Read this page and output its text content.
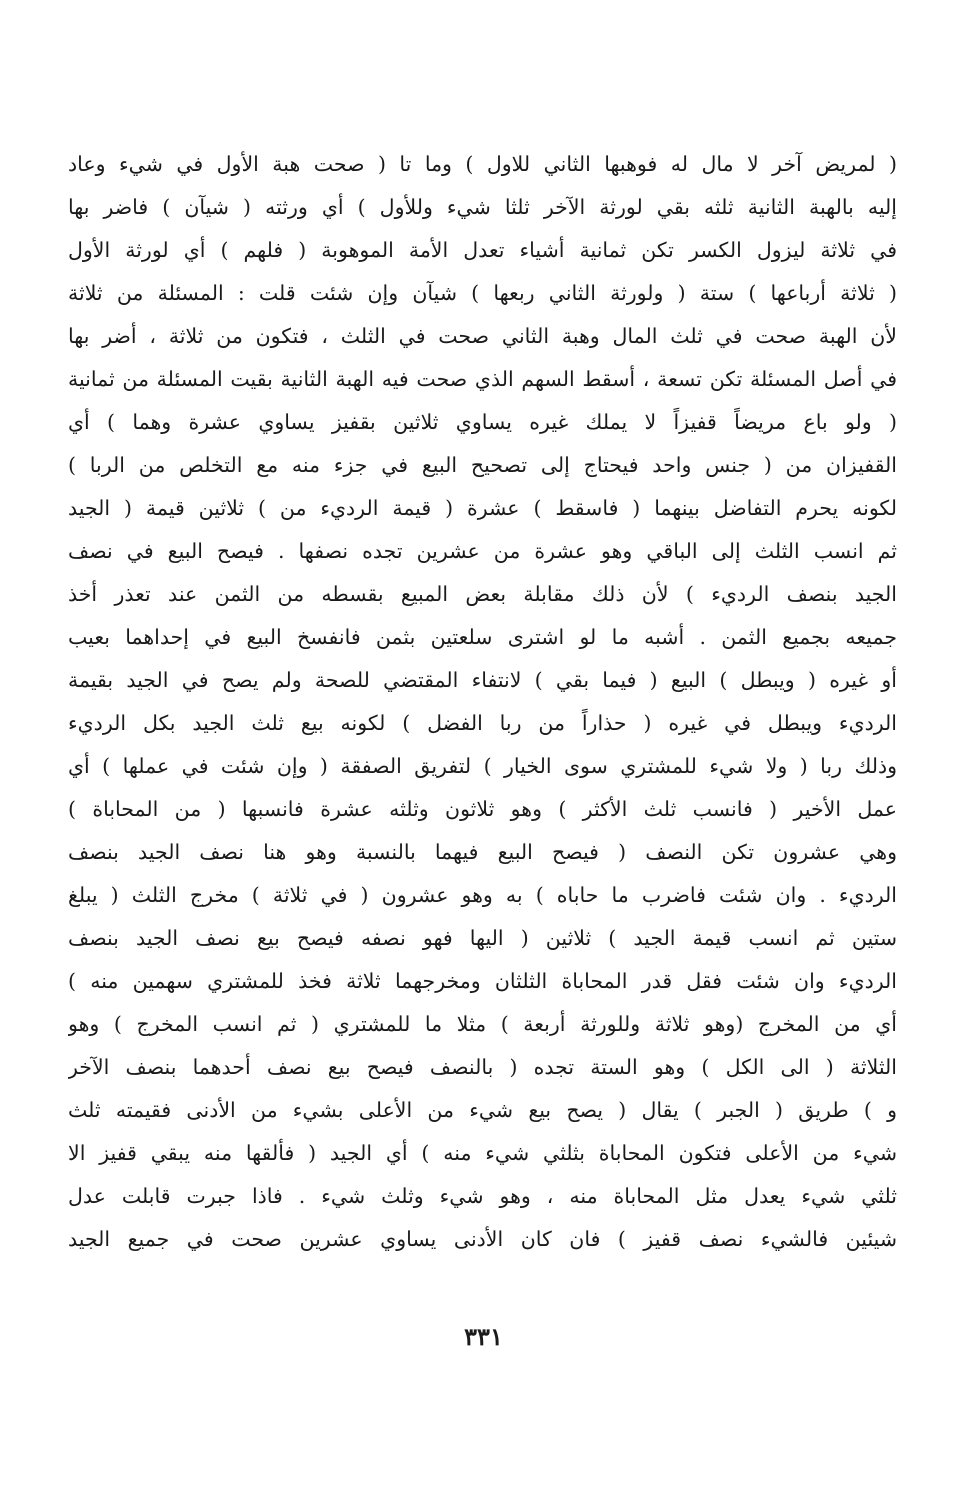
( لمريض آخر لا مال له فوهبها الثاني للاول ) وما تا ( صحت هبة الأول في شيء وعاد
إليه بالهبة الثانية ثلثه بقي لورثة الآخر ثلثا شيء وللأول ) أي ورثته ( شيآن ) فاضر بها
في ثلاثة ليزول الكسر تكن ثمانية أشياء تعدل الأمة الموهوبة ( فلهم ) أي لورثة الأول
( ثلاثة أرباعها ) ستة ( ولورثة الثاني ربعها ) شيآن وإن شئت قلت : المسئلة من ثلاثة
لأن الهبة صحت في ثلث المال وهبة الثاني صحت في الثلث ، فتكون من ثلاثة ، أضر بها
في أصل المسئلة تكن تسعة ، أسقط السهم الذي صحت فيه الهبة الثانية بقيت المسئلة من ثمانية
( ولو باع مريضاً قفيزاً لا يملك غيره يساوي ثلاثين بقفيز يساوي عشرة وهما ) أي
القفيزان من ( جنس واحد فيحتاج إلى تصحيح البيع في جزء منه مع التخلص من الربا )
لكونه يحرم التفاضل بينهما ( فاسقط ) عشرة ( قيمة الرديء من ) ثلاثين قيمة ( الجيد
ثم انسب الثلث إلى الباقي وهو عشرة من عشرين تجده نصفها . فيصح البيع في نصف
الجيد بنصف الرديء ) لأن ذلك مقابلة بعض المبيع بقسطه من الثمن عند تعذر أخذ
جميعه بجميع الثمن . أشبه ما لو اشترى سلعتين بثمن فانفسخ البيع في إحداهما بعيب
أو غيره ( ويبطل ) البيع ( فيما بقي ) لانتفاء المقتضي للصحة ولم يصح في الجيد بقيمة
الرديء ويبطل في غيره ( حذاراً من ربا الفضل ) لكونه بيع ثلث الجيد بكل الرديء
وذلك ربا ( ولا شيء للمشتري سوى الخيار ) لتفريق الصفقة ( وإن شئت في عملها ) أي
عمل الأخير ( فانسب ثلث الأكثر ) وهو ثلاثون وثلثه عشرة فانسبها ( من المحاباة )
وهي عشرون تكن النصف ( فيصح البيع فيهما بالنسبة وهو هنا نصف الجيد بنصف
الرديء . وان شئت فاضرب ما حاباه ) به وهو عشرون ( في ثلاثة ) مخرج الثلث ( يبلغ
ستين ثم انسب قيمة الجيد ) ثلاثين ( اليها فهو نصفه فيصح بيع نصف الجيد بنصف
الرديء وان شئت فقل قدر المحاباة الثلثان ومخرجهما ثلاثة فخذ للمشتري سهمين منه )
أي من المخرج (وهو ثلاثة وللورثة أربعة ) مثلا ما للمشتري ( ثم انسب المخرج ) وهو
الثلاثة ( الى الكل ) وهو الستة تجده ( بالنصف فيصح بيع نصف أحدهما بنصف الآخر
و ) طريق ( الجبر ) يقال ( يصح بيع شيء من الأعلى بشيء من الأدنى فقيمته ثلث
شيء من الأعلى فتكون المحاباة بثلثي شيء منه ) أي الجيد ( فألقها منه يبقي قفيز الا
ثلثي شيء يعدل مثل المحاباة منه ، وهو شيء وثلث شيء . فاذا جبرت قابلت عدل
شيئين فالشيء نصف قفيز ) فان كان الأدنى يساوي عشرين صحت في جميع الجيد
٣٣١
